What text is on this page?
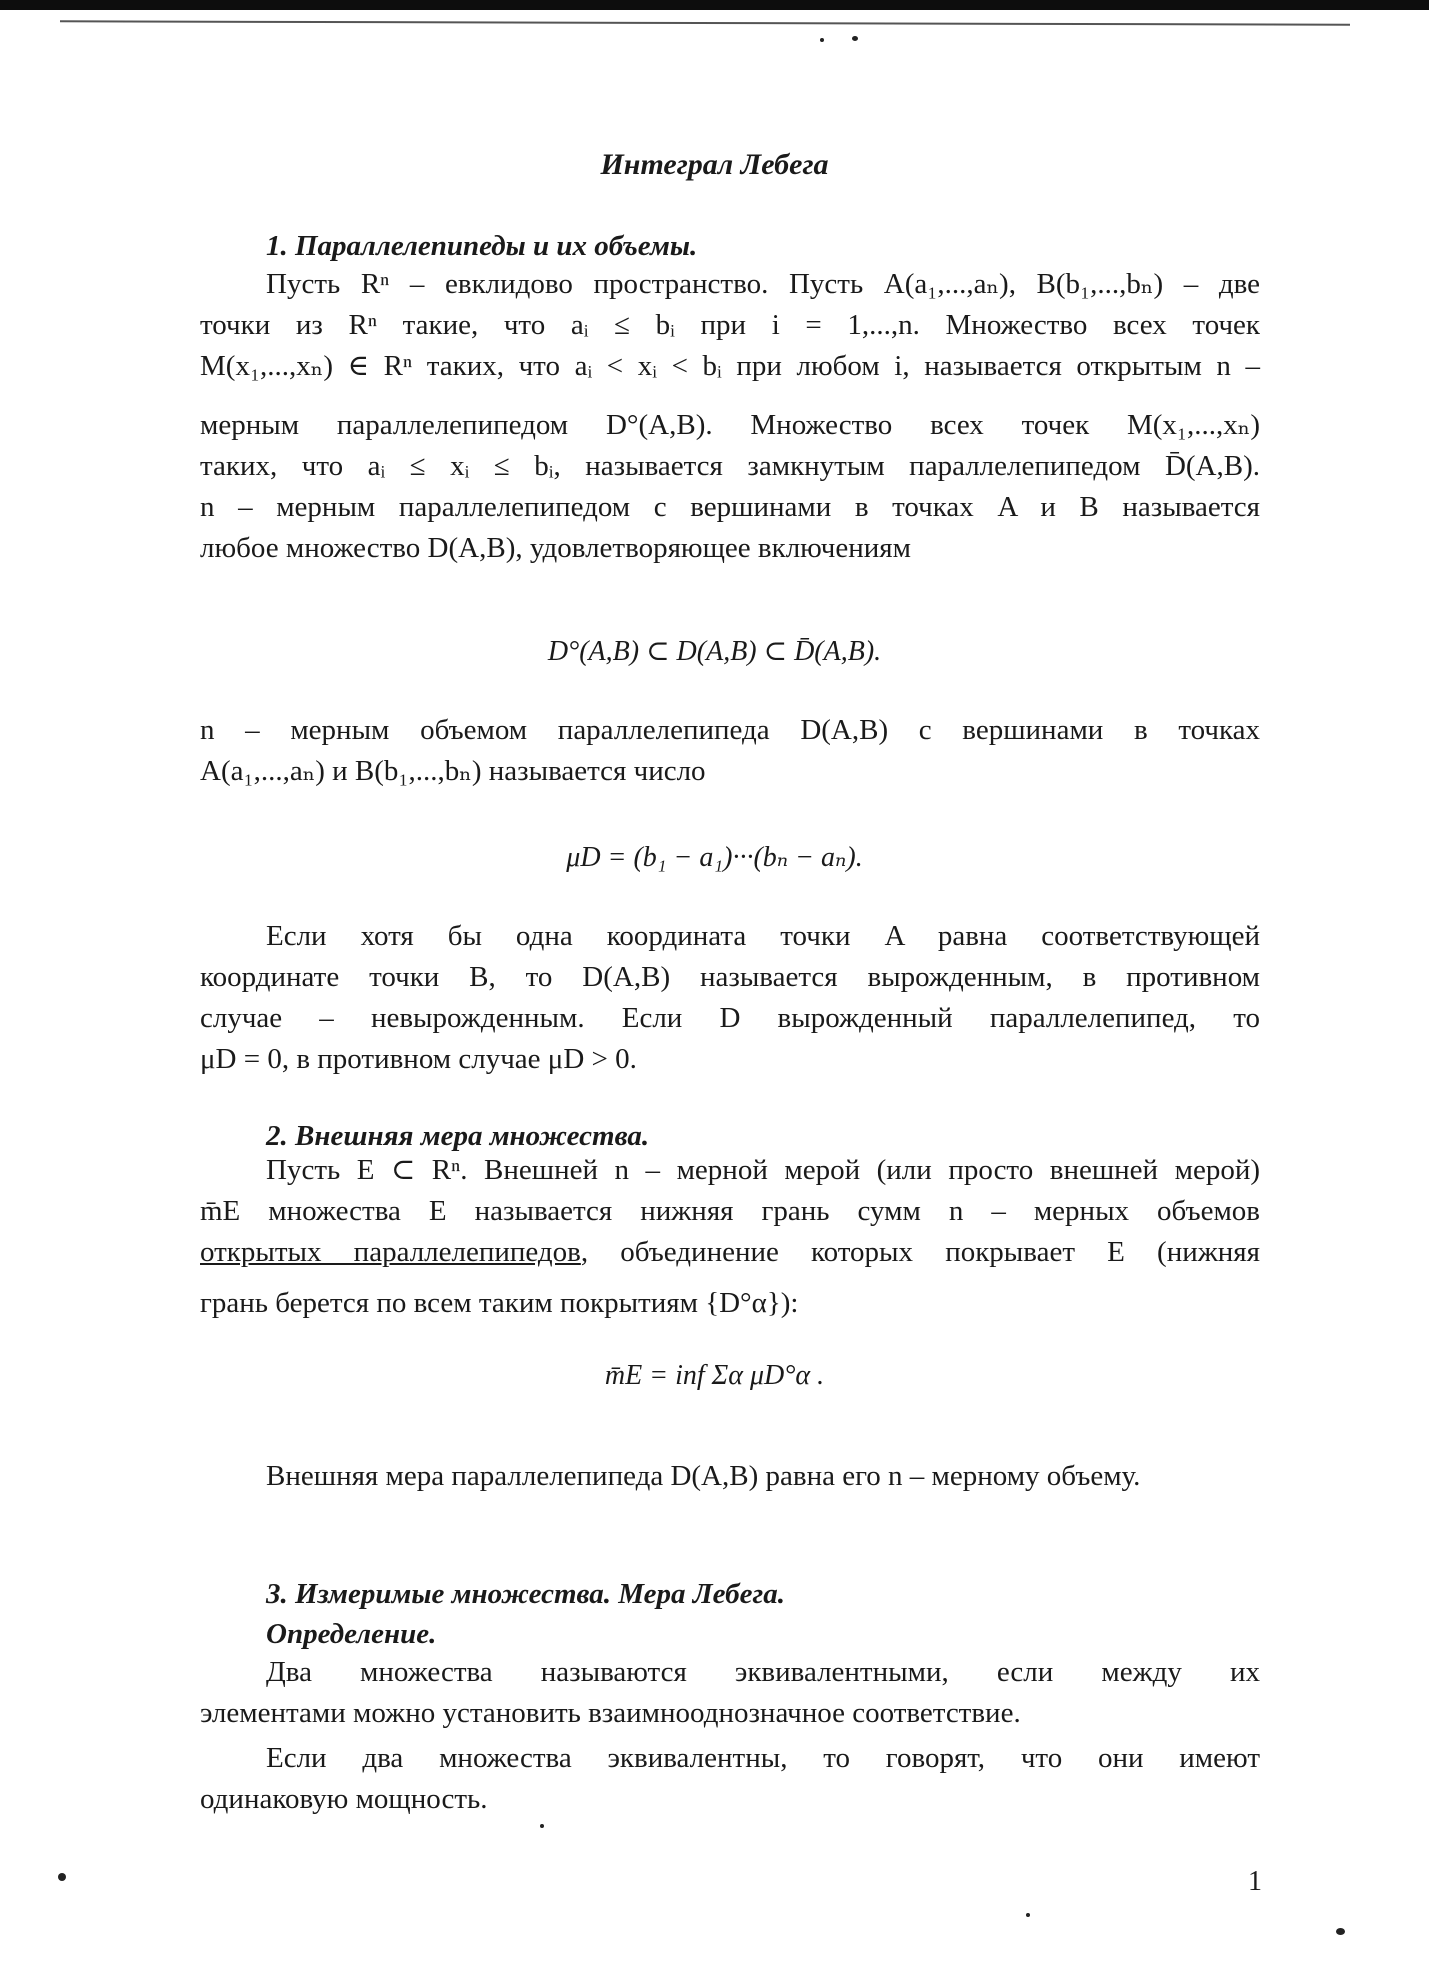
Интеграл Лебега
1. Параллелепипеды и их объемы.

Пусть Rⁿ – евклидово пространство. Пусть A(a₁,...,aₙ), B(b₁,...,bₙ) – две

точки из Rⁿ такие, что aᵢ ≤ bᵢ при i = 1,...,n. Множество всех точек

M(x₁,...,xₙ) ∈ Rⁿ таких, что aᵢ < xᵢ < bᵢ при любом i, называется открытым n –

мерным параллелепипедом D°(A,B). Множество всех точек M(x₁,...,xₙ)

таких, что aᵢ ≤ xᵢ ≤ bᵢ, называется замкнутым параллелепипедом D̄(A,B).

n – мерным параллелепипедом с вершинами в точках A и B называется

любое множество D(A,B), удовлетворяющее включениям

D°(A,B) ⊂ D(A,B) ⊂ D̄(A,B).

n – мерным объемом параллелепипеда D(A,B) с вершинами в точках

A(a₁,...,aₙ) и B(b₁,...,bₙ) называется число

μD = (b₁ − a₁)···(bₙ − aₙ).

Если хотя бы одна координата точки A равна соответствующей

координате точки B, то D(A,B) называется вырожденным, в противном

случае – невырожденным. Если D вырожденный параллелепипед, то

μD = 0, в противном случае μD > 0.

2. Внешняя мера множества.

Пусть E ⊂ Rⁿ. Внешней n – мерной мерой (или просто внешней мерой)

m̄E множества E называется нижняя грань сумм n – мерных объемов

открытых параллелепипедов, объединение которых покрывает E (нижняя

грань берется по всем таким покрытиям {D°α}):

m̄E = inf Σα μD°α .
Внешняя мера параллелепипеда D(A,B) равна его n – мерному объему.
3. Измеримые множества. Мера Лебега.
Определение.

Два множества называются эквивалентными, если между их

элементами можно установить взаимнооднозначное соответствие.

Если два множества эквивалентны, то говорят, что они имеют

одинаковую мощность.

1
